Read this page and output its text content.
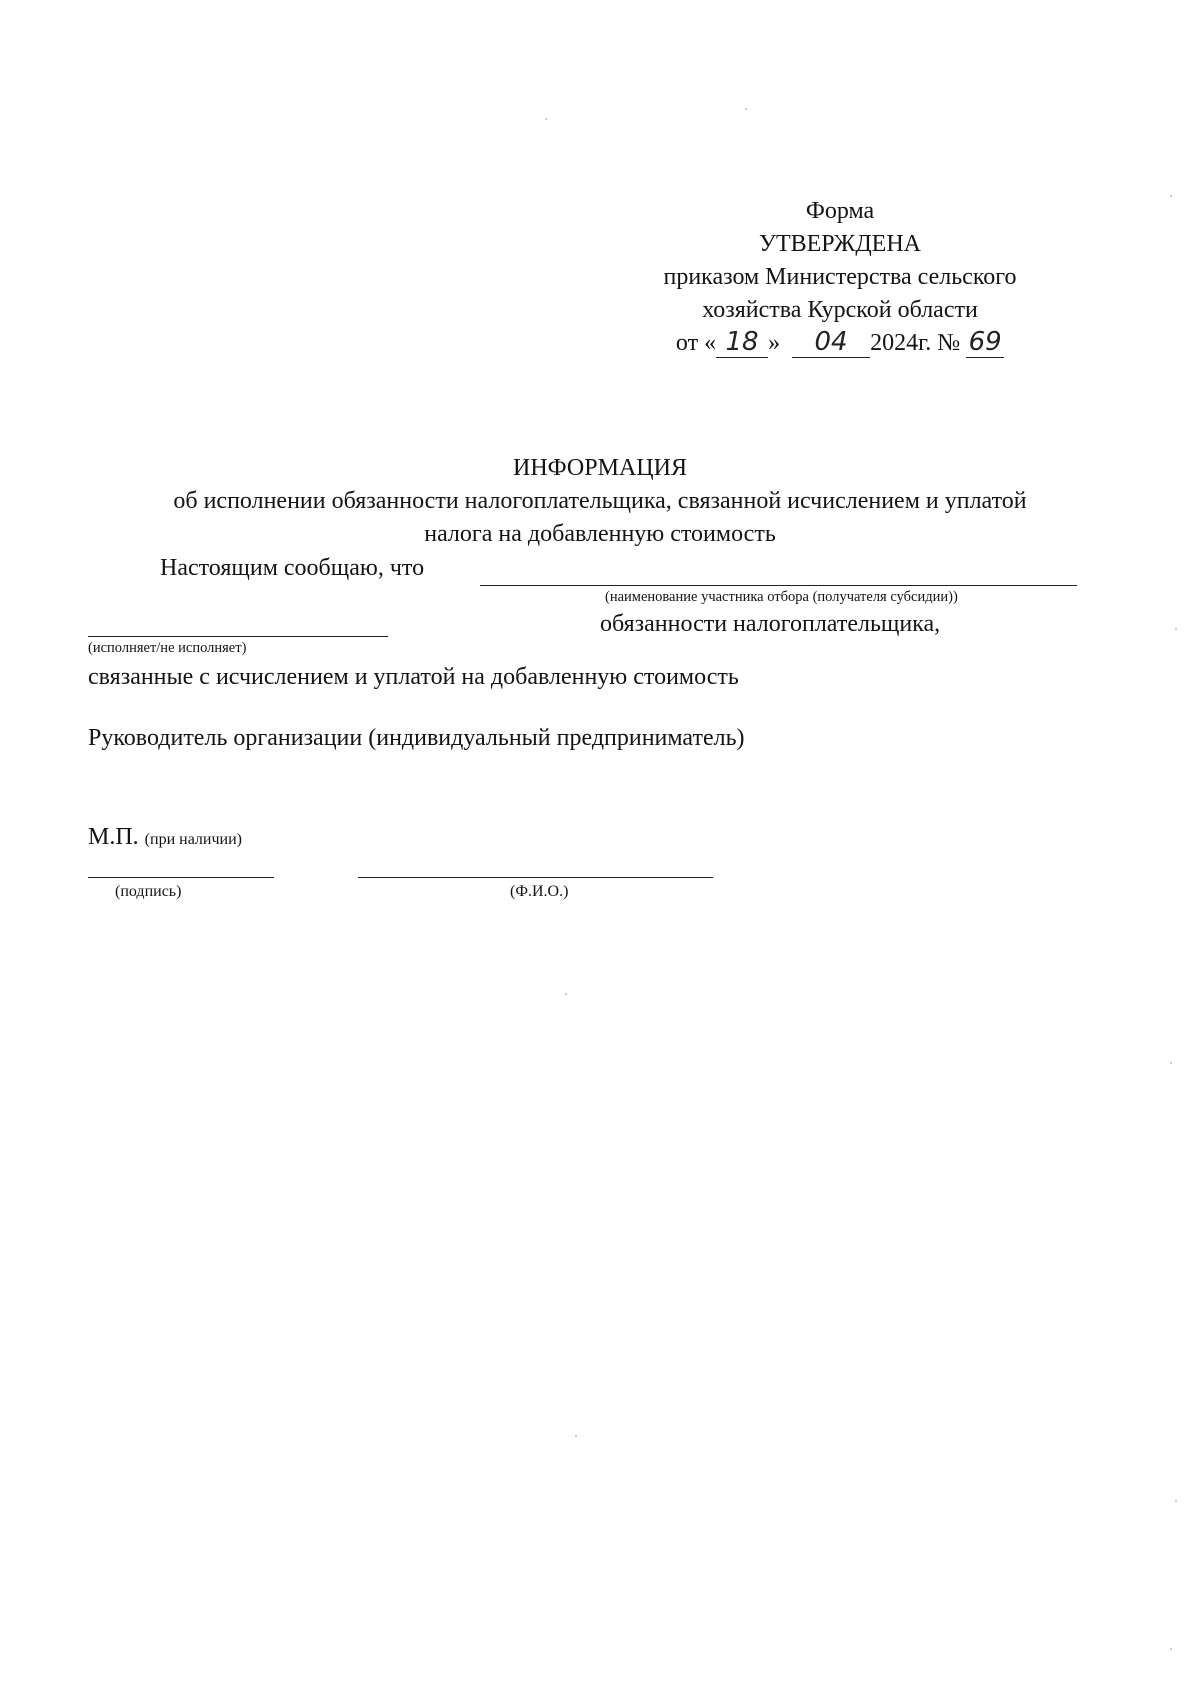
Форма
УТВЕРЖДЕНА
приказом Министерства сельского
хозяйства Курской области
от « 18 » 04 2024г. № 69
ИНФОРМАЦИЯ
об исполнении обязанности налогоплательщика, связанной исчислением и уплатой
налога на добавленную стоимость
Настоящим сообщаю, что
(наименование участника отбора (получателя субсидии))
обязанности налогоплательщика,
(исполняет/не исполняет)
связанные с исчислением и уплатой на добавленную стоимость
Руководитель организации (индивидуальный предприниматель)
М.П. (при наличии)
(подпись)	(Ф.И.О.)
